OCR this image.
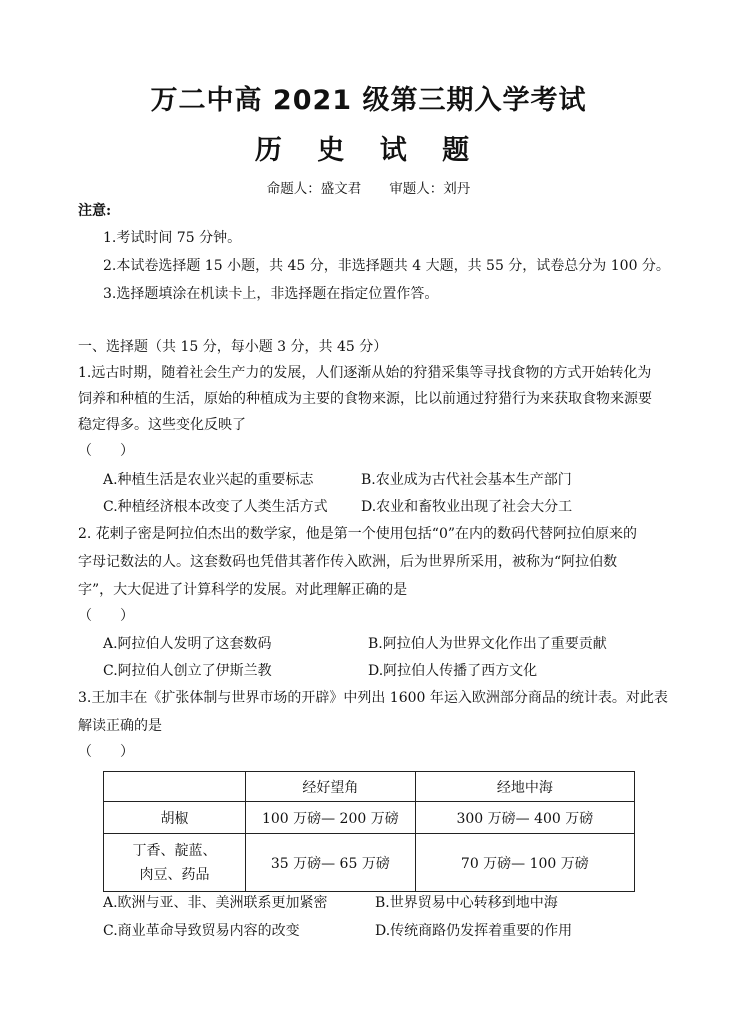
万二中高 2021 级第三期入学考试
历 史 试 题
命题人：盛文君 审题人：刘丹
注意:
1.考试时间 75 分钟。
2.本试卷选择题 15 小题，共 45 分，非选择题共 4 大题，共 55 分，试卷总分为 100 分。
3.选择题填涂在机读卡上，非选择题在指定位置作答。
一、选择题（共 15 分，每小题 3 分，共 45 分）
1.远古时期，随着社会生产力的发展，人们逐渐从始的狩猎采集等寻找食物的方式开始转化为
饲养和种植的生活，原始的种植成为主要的食物来源，比以前通过狩猎行为来获取食物来源要
稳定得多。这些变化反映了
（　　）
A.种植生活是农业兴起的重要标志	B.农业成为古代社会基本生产部门
C.种植经济根本改变了人类生活方式 D.农业和畜牧业出现了社会大分工
2. 花剌子密是阿拉伯杰出的数学家，他是第一个使用包括“0”在内的数码代替阿拉伯原来的
字母记数法的人。这套数码也凭借其著作传入欧洲，后为世界所采用，被称为“阿拉伯数
字”，大大促进了计算科学的发展。对此理解正确的是
（　　）
A.阿拉伯人发明了这套数码	B.阿拉伯人为世界文化作出了重要贡献
C.阿拉伯人创立了伊斯兰教	D.阿拉伯人传播了西方文化
3.王加丰在《扩张体制与世界市场的开辟》中列出 1600 年运入欧洲部分商品的统计表。对此表
解读正确的是
（　　）
	经好望角	经地中海
胡椒	100 万磅— 200 万磅	300 万磅— 400 万磅
丁香、靛蓝、
肉豆、药品	35 万磅— 65 万磅	70 万磅— 100 万磅
A.欧洲与亚、非、美洲联系更加紧密	B.世界贸易中心转移到地中海
C.商业革命导致贸易内容的改变	D.传统商路仍发挥着重要的作用
